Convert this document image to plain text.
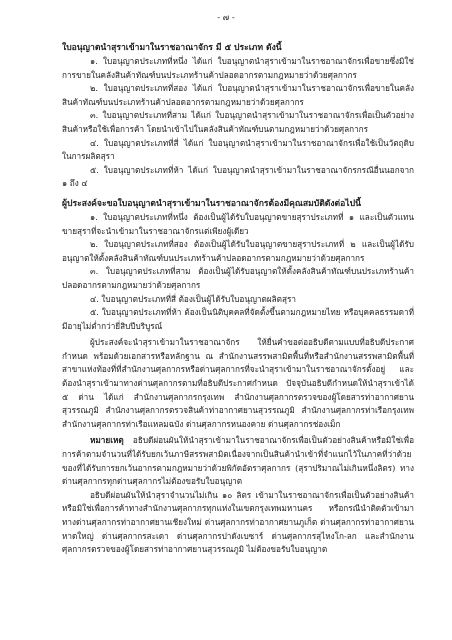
- ๗ -

ใบอนุญาตนำสุราเข้ามาในราชอาณาจักร มี ๕ ประเภท ดังนี้

๑. ใบอนุญาตประเภทที่หนึ่ง ได้แก่ ใบอนุญาตนำสุราเข้ามาในราชอาณาจักรเพื่อขายซึ่งมิใช่การขายในคลังสินค้าทัณฑ์บนประเภทร้านค้าปลอดอากรตามกฎหมายว่าด้วยศุลกากร

๒. ใบอนุญาตประเภทที่สอง ได้แก่ ใบอนุญาตนำสุราเข้ามาในราชอาณาจักรเพื่อขายในคลังสินค้าทัณฑ์บนประเภทร้านค้าปลอดอากรตามกฎหมายว่าด้วยศุลกากร

๓. ใบอนุญาตประเภทที่สาม ได้แก่ ใบอนุญาตนำสุราเข้ามาในราชอาณาจักรเพื่อเป็นตัวอย่างสินค้าหรือใช้เพื่อการค้า โดยนำเข้าไปในคลังสินค้าทัณฑ์บนตามกฎหมายว่าด้วยศุลกากร

๔. ใบอนุญาตประเภทที่สี่ ได้แก่ ใบอนุญาตนำสุราเข้ามาในราชอาณาจักรเพื่อใช้เป็นวัตถุดิบในการผลิตสุรา

๕. ใบอนุญาตประเภทที่ห้า ได้แก่ ใบอนุญาตนำสุราเข้ามาในราชอาณาจักรกรณีอื่นนอกจาก ๑ ถึง ๔

ผู้ประสงค์จะขอใบอนุญาตนำสุราเข้ามาในราชอาณาจักรต้องมีคุณสมบัติดังต่อไปนี้

๑. ใบอนุญาตประเภทที่หนึ่ง ต้องเป็นผู้ได้รับใบอนุญาตขายสุราประเภทที่ ๑ และเป็นตัวแทนขายสุราที่จะนำเข้ามาในราชอาณาจักรแต่เพียงผู้เดียว

๒. ใบอนุญาตประเภทที่สอง ต้องเป็นผู้ได้รับใบอนุญาตขายสุราประเภทที่ ๒ และเป็นผู้ได้รับอนุญาตให้ตั้งคลังสินค้าทัณฑ์บนประเภทร้านค้าปลอดอากรตามกฎหมายว่าด้วยศุลกากร

๓. ใบอนุญาตประเภทที่สาม ต้องเป็นผู้ได้รับอนุญาตให้ตั้งคลังสินค้าทัณฑ์บนประเภทร้านค้าปลอดอากรตามกฎหมายว่าด้วยศุลกากร

๔. ใบอนุญาตประเภทที่สี่ ต้องเป็นผู้ได้รับใบอนุญาตผลิตสุรา

๕. ใบอนุญาตประเภทที่ห้า ต้องเป็นนิติบุคคลที่จัดตั้งขึ้นตามกฎหมายไทย หรือบุคคลธรรมดาที่มีอายุไม่ต่ำกว่ายี่สิบปีบริบูรณ์

ผู้ประสงค์จะนำสุราเข้ามาในราชอาณาจักร ให้ยื่นคำขอต่ออธิบดีตามแบบที่อธิบดีประกาศกำหนด พร้อมด้วยเอกสารหรือหลักฐาน ณ สำนักงานสรรพสามิตพื้นที่หรือสำนักงานสรรพสามิตพื้นที่สาขาแห่งท้องที่ที่สำนักงานศุลกากรหรือด่านศุลกากรที่จะนำสุราเข้ามาในราชอาณาจักรตั้งอยู่ และต้องนำสุราเข้ามาทางด่านศุลกากรตามที่อธิบดีประกาศกำหนด ปัจจุบันอธิบดีกำหนดให้นำสุราเข้าได้ ๕ ด่าน ได้แก่ สำนักงานศุลกากรกรุงเทพ สำนักงานศุลกากรตรวจของผู้โดยสารท่าอากาศยานสุวรรณภูมิ สำนักงานศุลกากรตรวจสินค้าท่าอากาศยานสุวรรณภูมิ สำนักงานศุลกากรท่าเรือกรุงเทพ สำนักงานศุลกากรท่าเรือแหลมฉบัง ด่านศุลกากรหนองคาย ด่านศุลกากรช่องเม็ก

หมายเหตุ อธิบดีผ่อนผันให้นำสุราเข้ามาในราชอาณาจักรเพื่อเป็นตัวอย่างสินค้าหรือมิใช่เพื่อการค้าตามจำนวนที่ได้รับยกเว้นภาษีสรรพสามิตเนื่องจากเป็นสินค้านำเข้าที่จำแนกไว้ในภาคที่ว่าด้วยของที่ได้รับการยกเว้นอากรตามกฎหมายว่าด้วยพิกัดอัตราศุลกากร (สุราปริมาณไม่เกินหนึ่งลิตร) ทางด่านศุลกากรทุกด่านศุลกากรไม่ต้องขอรับใบอนุญาต

อธิบดีผ่อนผันให้นำสุราจำนวนไม่เกิน ๑๐ ลิตร เข้ามาในราชอาณาจักรเพื่อเป็นตัวอย่างสินค้าหรือมิใช่เพื่อการค้าทางสำนักงานศุลกากรทุกแห่งในเขตกรุงเทพมหานคร หรือกรณีนำติดตัวเข้ามาทางด่านศุลกากรท่าอากาศยานเชียงใหม่ ด่านศุลกากรท่าอากาศยานภูเก็ต ด่านศุลกากรท่าอากาศยานหาดใหญ่ ด่านศุลกากรสะเดา ด่านศุลกากรปาดังเบซาร์ ด่านศุลกากรสุไหงโก-ลก และสำนักงานศุลกากรตรวจของผู้โดยสารท่าอากาศยานสุวรรณภูมิ ไม่ต้องขอรับใบอนุญาต
